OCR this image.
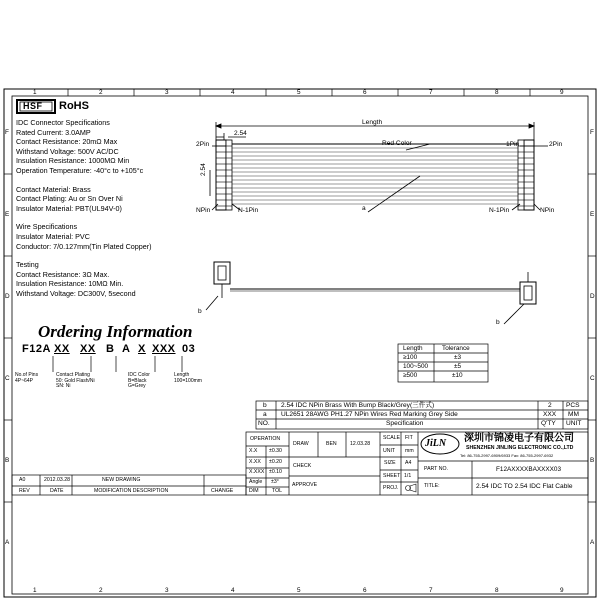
1	2	3	4	5	6	7	8	9
1	2	3	4	5	6	7	8	9
F
E
D
C
B
A
F
E
D
C
B
A
HSF RoHS
IDC Connector Specifications
Rated Current: 3.0AMP
Contact Resistance: 20mΩ Max
Withstand Voltage: 500V AC/DC
Insulation Resistance: 1000MΩ Min
Operation Temperature: -40°c to +105°c
Contact Material: Brass
Contact Plating: Au or Sn Over Ni
Insulator Material: PBT(UL94V-0)
Wire Specifications
Insulator Material: PVC
Conductor: 7/0.127mm(Tin Plated Copper)
Testing
Contact Resistance: 3Ω Max.
Insulation Resistance: 10MΩ Min.
Withstand Voltage: DC300V, 5second
Length
2.54
2.54
Red Color
2Pin	1Pin	2Pin
NPin	N-1Pin	N-1Pin	NPin
a
b
b
Ordering Information
F12A XX XX B A X XXX 03
No.of Pins
4P~64P
Contact Plating
50: Gold Flash/Ni
SN: Ni
IDC Color
B=Black
G=Grey
Length
100=100mm
Length	Tolerance
≥100	±3
100~500	±5
≥500	±10
b 2.54 IDC NPin Brass With Bump Black/Grey(三件式)	2 PCS
a UL2651 28AWG PH1.27 NPin Wires Red Marking Grey Side	XXX MM
NO.	Specification	Q'TY UNIT
OPERATION
X.X ±0.30
X.XX ±0.20
X.XXX ±0.10
Angle ±3°
DIM	TOL
DRAW	BEN	12.03.28
CHECK
APPROVE
SCALE FIT
UNIT mm
SIZE A4
SHEET 1/1
PROJ.
JiLN 深圳市锦凌电子有限公司
SHENZHEN JINLING ELECTRONIC CO.,LTD
Tel: 86-755-2997-6909/6933 Fax: 86-755-2997-6932
PART NO.	F12AXXXXBAXXXX03
TITLE:	2.54 IDC TO 2.54 IDC Flat Cable
A0	2012.03.28	NEW DRAWING
REV	DATE	MODIFICATION DESCRIPTION	CHANGE
